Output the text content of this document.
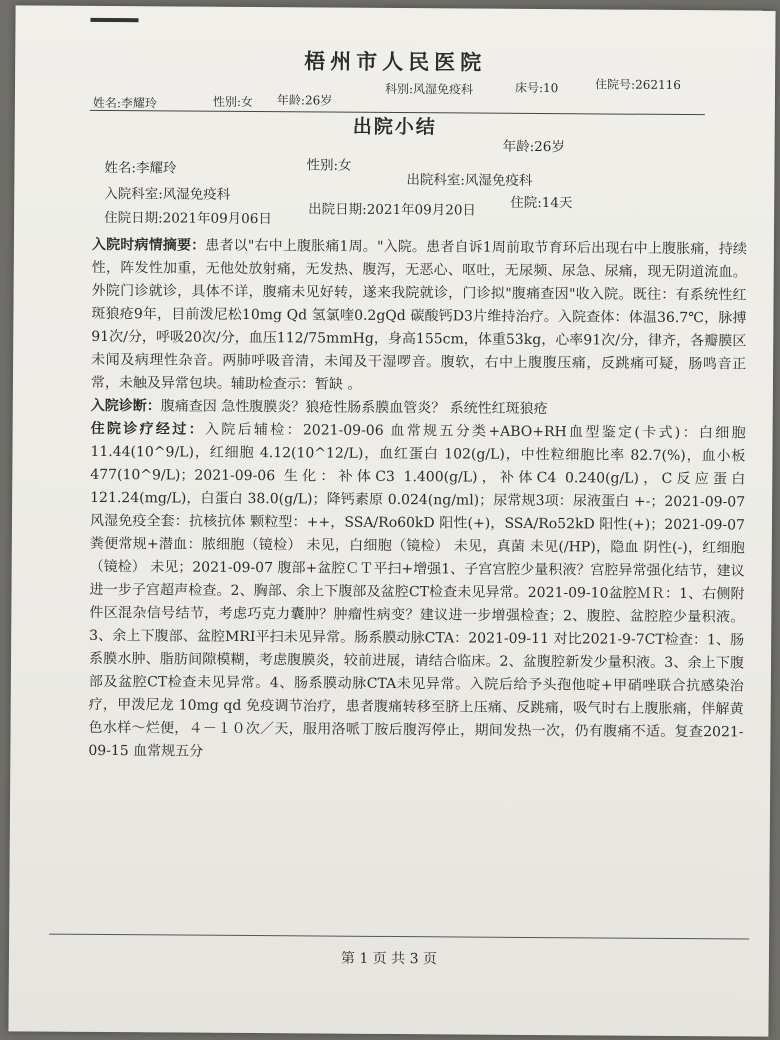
梧州市人民医院
姓名:李耀玲	性别:女 年龄:26岁
科别:风湿免疫科	床号:10	住院号:262116
出院小结
年龄:26岁
姓名:李耀玲	性别:女
出院科室:风湿免疫科
入院科室:风湿免疫科
住院日期:2021年09月06日	出院日期:2021年09月20日	住院:14天

入院时病情摘要：患者以"右中上腹胀痛1周。"入院。患者自诉1周前取节育环后出现右中上腹胀痛，持续性，阵发性加重，无他处放射痛，无发热、腹泻，无恶心、呕吐，无尿频、尿急、尿痛，现无阴道流血。外院门诊就诊，具体不详，腹痛未见好转，遂来我院就诊，门诊拟"腹痛查因"收入院。既往：有系统性红斑狼疮9年，目前泼尼松10mg Qd 氢氯喹0.2gQd 碳酸钙D3片维持治疗。入院查体：体温36.7℃，脉搏91次/分，呼吸20次/分，血压112/75mmHg，身高155cm，体重53kg，心率91次/分，律齐，各瓣膜区未闻及病理性杂音。两肺呼吸音清，未闻及干湿啰音。腹软，右中上腹腹压痛，反跳痛可疑，肠鸣音正常，未触及异常包块。辅助检查示：暂缺 。

入院诊断：腹痛查因 急性腹膜炎？狼疮性肠系膜血管炎？ 系统性红斑狼疮

住院诊疗经过：入院后辅检：2021-09-06 血常规五分类+ABO+RH血型鉴定(卡式)：白细胞 11.44(10^9/L)，红细胞 4.12(10^12/L)，血红蛋白 102(g/L)，中性粒细胞比率 82.7(%)，血小板 477(10^9/L)；2021-09-06 生化：补体C3 1.400(g/L)，补体C4 0.240(g/L)，C反应蛋白 121.24(mg/L)，白蛋白 38.0(g/L)；降钙素原 0.024(ng/ml)；尿常规3项：尿液蛋白 +-；2021-09-07 风湿免疫全套：抗核抗体 颗粒型：++，SSA/Ro60kD 阳性(+)，SSA/Ro52kD 阳性(+)；2021-09-07 粪便常规+潜血：脓细胞（镜检） 未见，白细胞（镜检） 未见，真菌 未见(/HP)，隐血 阴性(-)，红细胞（镜检） 未见；2021-09-07 腹部+盆腔ＣＴ平扫+增强1、子宫宫腔少量积液？宫腔异常强化结节，建议进一步子宫超声检查。2、胸部、余上下腹部及盆腔CT检查未见异常。2021-09-10盆腔ＭＲ：1、右侧附件区混杂信号结节，考虑巧克力囊肿？肿瘤性病变？建议进一步增强检查；2、腹腔、盆腔腔少量积液。3、余上下腹部、盆腔MRI平扫未见异常。肠系膜动脉CTA：2021-09-11 对比2021-9-7CT检查：1、肠系膜水肿、脂肪间隙模糊，考虑腹膜炎，较前进展，请结合临床。2、盆腹腔新发少量积液。3、余上下腹部及盆腔CT检查未见异常。4、肠系膜动脉CTA未见异常。入院后给予头孢他啶+甲硝唑联合抗感染治疗，甲泼尼龙 10mg qd 免疫调节治疗，患者腹痛转移至脐上压痛、反跳痛，吸气时右上腹胀痛，伴解黄色水样～烂便，４－１０次／天，服用洛哌丁胺后腹泻停止，期间发热一次，仍有腹痛不适。复查2021-09-15 血常规五分

第 1 页 共 3 页
